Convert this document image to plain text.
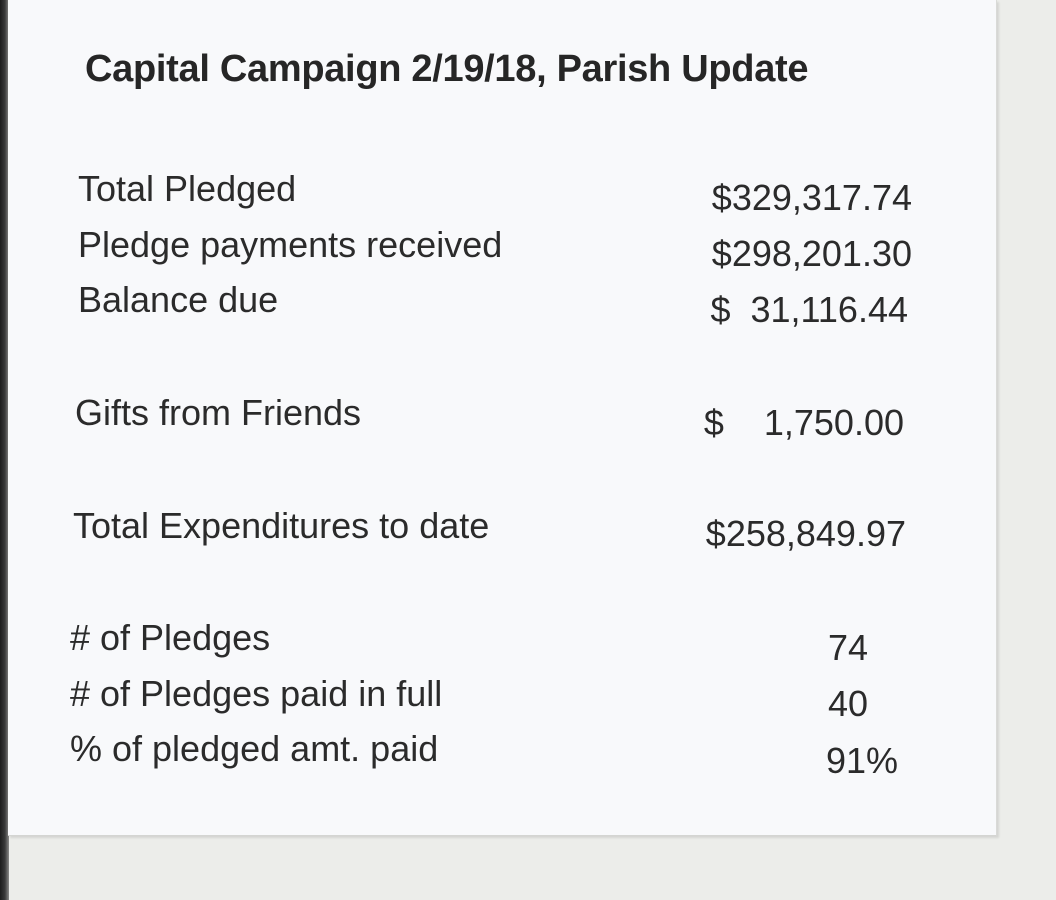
Capital Campaign 2/19/18, Parish Update
Total Pledged	$329,317.74
Pledge payments received	$298,201.30
Balance due	$  31,116.44
Gifts from Friends	$    1,750.00
Total Expenditures to date	$258,849.97
# of Pledges	74
# of Pledges paid in full	40
% of pledged amt. paid	91%
